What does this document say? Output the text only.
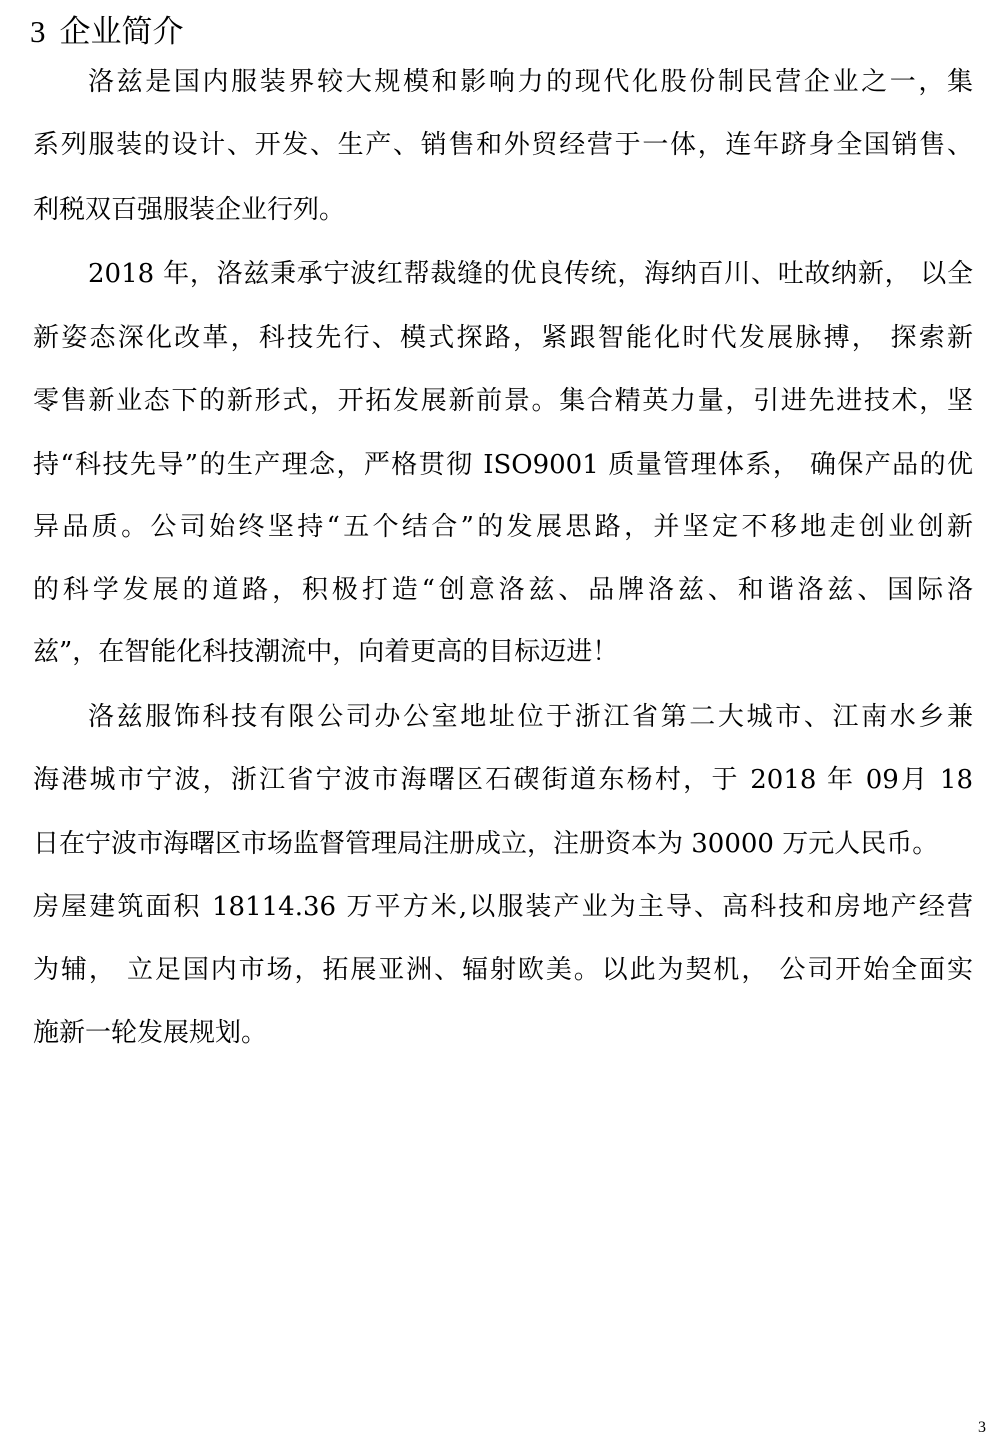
3 企业简介

洛兹是国内服装界较大规模和影响力的现代化股份制民营企业之一，集

系列服装的设计、开发、生产、销售和外贸经营于一体，连年跻身全国销售、

利税双百强服装企业行列。

2018 年，洛兹秉承宁波红帮裁缝的优良传统，海纳百川、吐故纳新， 以全

新姿态深化改革，科技先行、模式探路，紧跟智能化时代发展脉搏， 探索新

零售新业态下的新形式，开拓发展新前景。集合精英力量，引进先进技术，坚

持“科技先导”的生产理念，严格贯彻 ISO9001 质量管理体系， 确保产品的优

异品质。公司始终坚持“五个结合”的发展思路，并坚定不移地走创业创新

的科学发展的道路，积极打造“创意洛兹、品牌洛兹、和谐洛兹、国际洛

兹”，在智能化科技潮流中，向着更高的目标迈进！

洛兹服饰科技有限公司办公室地址位于浙江省第二大城市、江南水乡兼

海港城市宁波，浙江省宁波市海曙区石碶街道东杨村，于 2018 年 09月 18

日在宁波市海曙区市场监督管理局注册成立，注册资本为 30000 万元人民币。

房屋建筑面积 18114.36 万平方米,以服装产业为主导、高科技和房地产经营

为辅， 立足国内市场，拓展亚洲、辐射欧美。以此为契机， 公司开始全面实

施新一轮发展规划。

3
